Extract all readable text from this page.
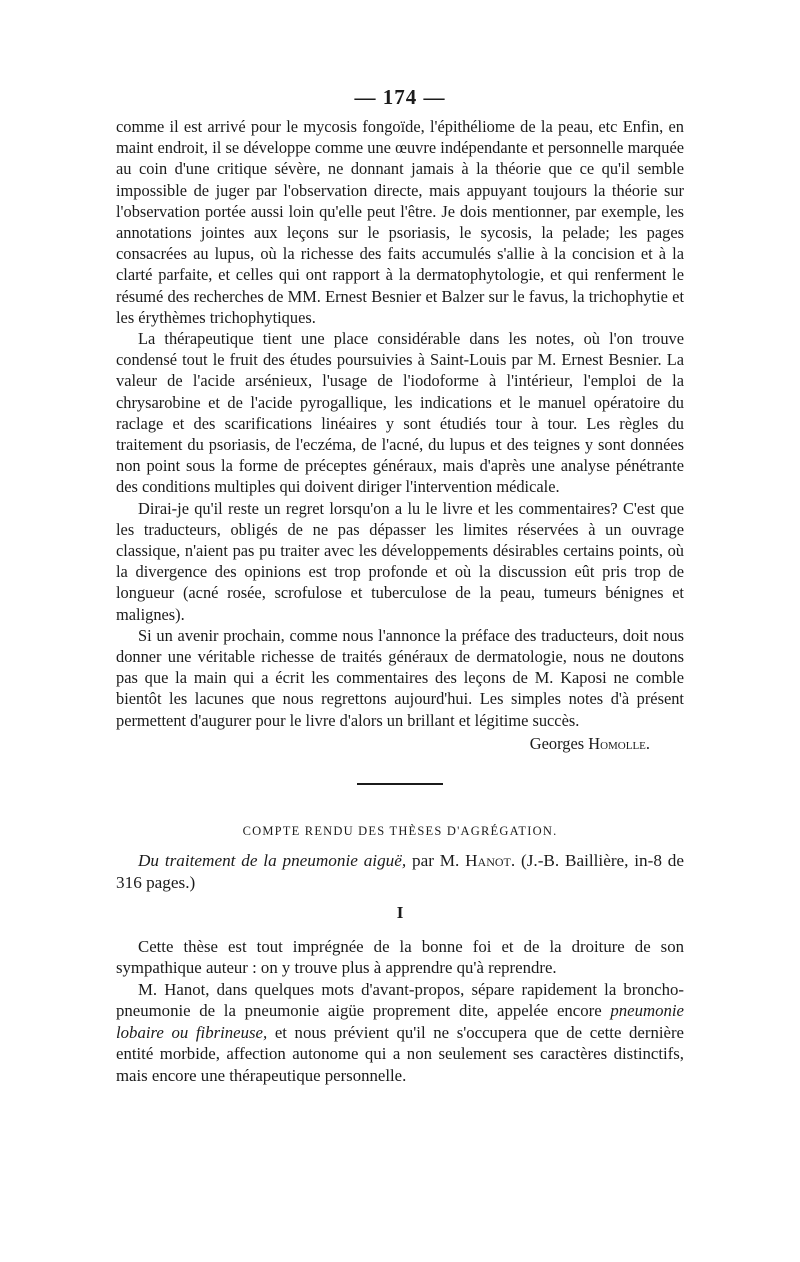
— 174 —

comme il est arrivé pour le mycosis fongoïde, l'épithéliome de la peau, etc Enfin, en maint endroit, il se développe comme une œuvre indépendante et personnelle marquée au coin d'une critique sévère, ne donnant jamais à la théorie que ce qu'il semble impossible de juger par l'observation directe, mais appuyant toujours la théorie sur l'observation portée aussi loin qu'elle peut l'être. Je dois mentionner, par exemple, les annotations jointes aux leçons sur le psoriasis, le sycosis, la pelade; les pages consacrées au lupus, où la richesse des faits accumulés s'allie à la concision et à la clarté parfaite, et celles qui ont rapport à la dermatophytologie, et qui renferment le résumé des recherches de MM. Ernest Besnier et Balzer sur le favus, la trichophytie et les érythèmes trichophytiques.

La thérapeutique tient une place considérable dans les notes, où l'on trouve condensé tout le fruit des études poursuivies à Saint-Louis par M. Ernest Besnier. La valeur de l'acide arsénieux, l'usage de l'iodoforme à l'intérieur, l'emploi de la chrysarobine et de l'acide pyrogallique, les indications et le manuel opératoire du raclage et des scarifications linéaires y sont étudiés tour à tour. Les règles du traitement du psoriasis, de l'eczéma, de l'acné, du lupus et des teignes y sont données non point sous la forme de préceptes généraux, mais d'après une analyse pénétrante des conditions multiples qui doivent diriger l'intervention médicale.

Dirai-je qu'il reste un regret lorsqu'on a lu le livre et les commentaires? C'est que les traducteurs, obligés de ne pas dépasser les limites réservées à un ouvrage classique, n'aient pas pu traiter avec les développements désirables certains points, où la divergence des opinions est trop profonde et où la discussion eût pris trop de longueur (acné rosée, scrofulose et tuberculose de la peau, tumeurs bénignes et malignes).

Si un avenir prochain, comme nous l'annonce la préface des traducteurs, doit nous donner une véritable richesse de traités généraux de dermatologie, nous ne doutons pas que la main qui a écrit les commentaires des leçons de M. Kaposi ne comble bientôt les lacunes que nous regrettons aujourd'hui. Les simples notes d'à présent permettent d'augurer pour le livre d'alors un brillant et légitime succès.

Georges Homolle.
COMPTE RENDU DES THÈSES D'AGRÉGATION.

Du traitement de la pneumonie aiguë, par M. Hanot. (J.-B. Baillière, in-8 de 316 pages.)

I

Cette thèse est tout imprégnée de la bonne foi et de la droiture de son sympathique auteur : on y trouve plus à apprendre qu'à reprendre.

M. Hanot, dans quelques mots d'avant-propos, sépare rapidement la broncho-pneumonie de la pneumonie aigüe proprement dite, appelée encore pneumonie lobaire ou fibrineuse, et nous prévient qu'il ne s'occupera que de cette dernière entité morbide, affection autonome qui a non seulement ses caractères distinctifs, mais encore une thérapeutique personnelle.
